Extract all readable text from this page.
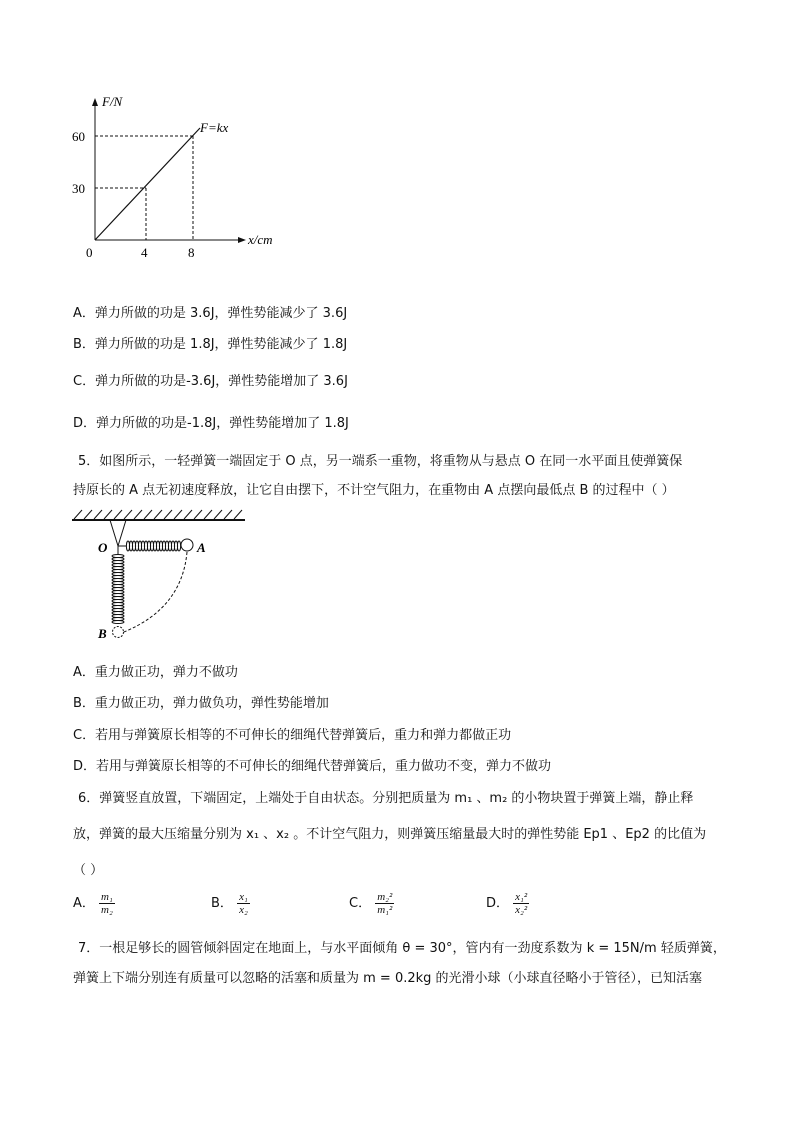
F/N
F=kx
60
30
0	4	8
x/cm
A．弹力所做的功是 3.6J，弹性势能减少了 3.6J
B．弹力所做的功是 1.8J，弹性势能减少了 1.8J
C．弹力所做的功是-3.6J，弹性势能增加了 3.6J
D．弹力所做的功是-1.8J，弹性势能增加了 1.8J
5．如图所示，一轻弹簧一端固定于 O 点，另一端系一重物，将重物从与悬点 O 在同一水平面且使弹簧保
持原长的 A 点无初速度释放，让它自由摆下，不计空气阻力，在重物由 A 点摆向最低点 B 的过程中（ ）
O	A
B
A．重力做正功，弹力不做功
B．重力做正功，弹力做负功，弹性势能增加
C．若用与弹簧原长相等的不可伸长的细绳代替弹簧后，重力和弹力都做正功
D．若用与弹簧原长相等的不可伸长的细绳代替弹簧后，重力做功不变，弹力不做功
6．弹簧竖直放置，下端固定，上端处于自由状态。分别把质量为 m₁ 、m₂ 的小物块置于弹簧上端，静止释
放，弹簧的最大压缩量分别为 x₁ 、x₂ 。不计空气阻力，则弹簧压缩量最大时的弹性势能 Ep1 、Ep2 的比值为
（ ）
A． $\frac{\text{m₁}}{\text{m₂}}$	B． $\frac{\text{x₁}}{\text{x₂}}$	C． $\frac{\text{m₂²}}{\text{m₁²}}$	D． $\frac{\text{x₁²}}{\text{x₂²}}$
7．一根足够长的圆管倾斜固定在地面上，与水平面倾角 θ = 30°，管内有一劲度系数为 k = 15N/m 轻质弹簧，
弹簧上下端分别连有质量可以忽略的活塞和质量为 m = 0.2kg 的光滑小球（小球直径略小于管径），已知活塞
